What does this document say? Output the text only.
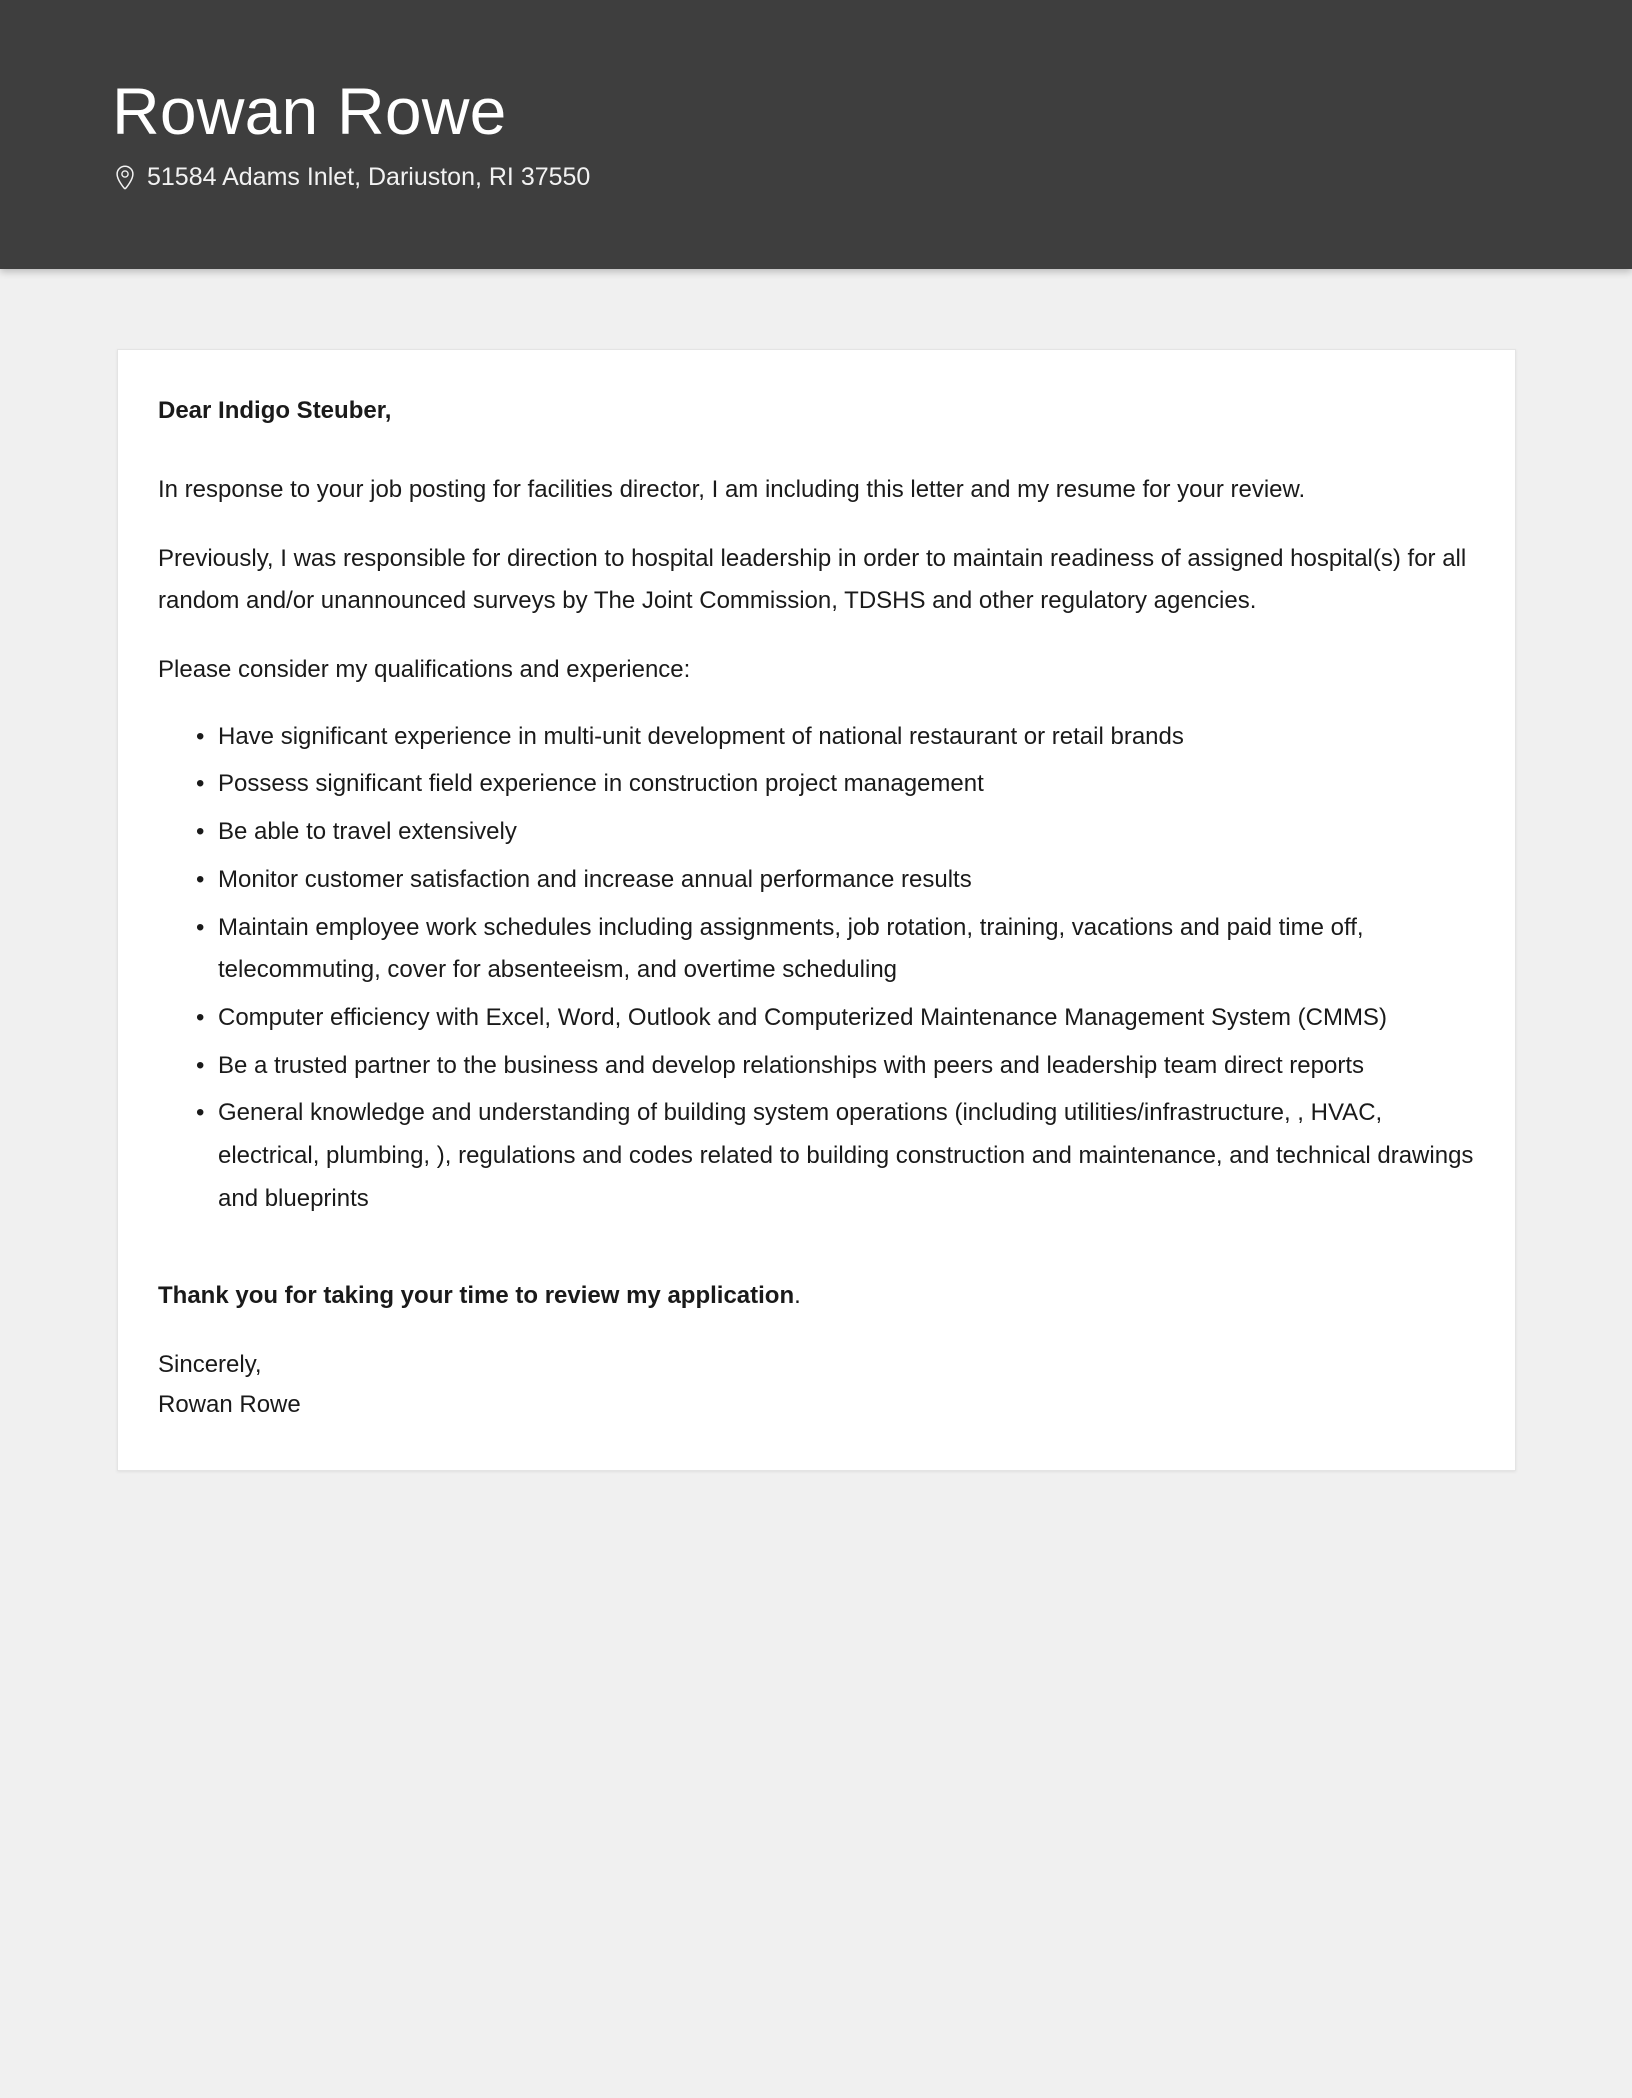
Rowan Rowe
51584 Adams Inlet, Dariuston, RI 37550

Dear Indigo Steuber,

In response to your job posting for facilities director, I am including this letter and my resume for your review.

Previously, I was responsible for direction to hospital leadership in order to maintain readiness of assigned hospital(s) for all random and/or unannounced surveys by The Joint Commission, TDSHS and other regulatory agencies.

Please consider my qualifications and experience:

• Have significant experience in multi-unit development of national restaurant or retail brands
• Possess significant field experience in construction project management
• Be able to travel extensively
• Monitor customer satisfaction and increase annual performance results
• Maintain employee work schedules including assignments, job rotation, training, vacations and paid time off, telecommuting, cover for absenteeism, and overtime scheduling
• Computer efficiency with Excel, Word, Outlook and Computerized Maintenance Management System (CMMS)
• Be a trusted partner to the business and develop relationships with peers and leadership team direct reports
• General knowledge and understanding of building system operations (including utilities/infrastructure, , HVAC, electrical, plumbing, ), regulations and codes related to building construction and maintenance, and technical drawings and blueprints

Thank you for taking your time to review my application.

Sincerely,
Rowan Rowe
